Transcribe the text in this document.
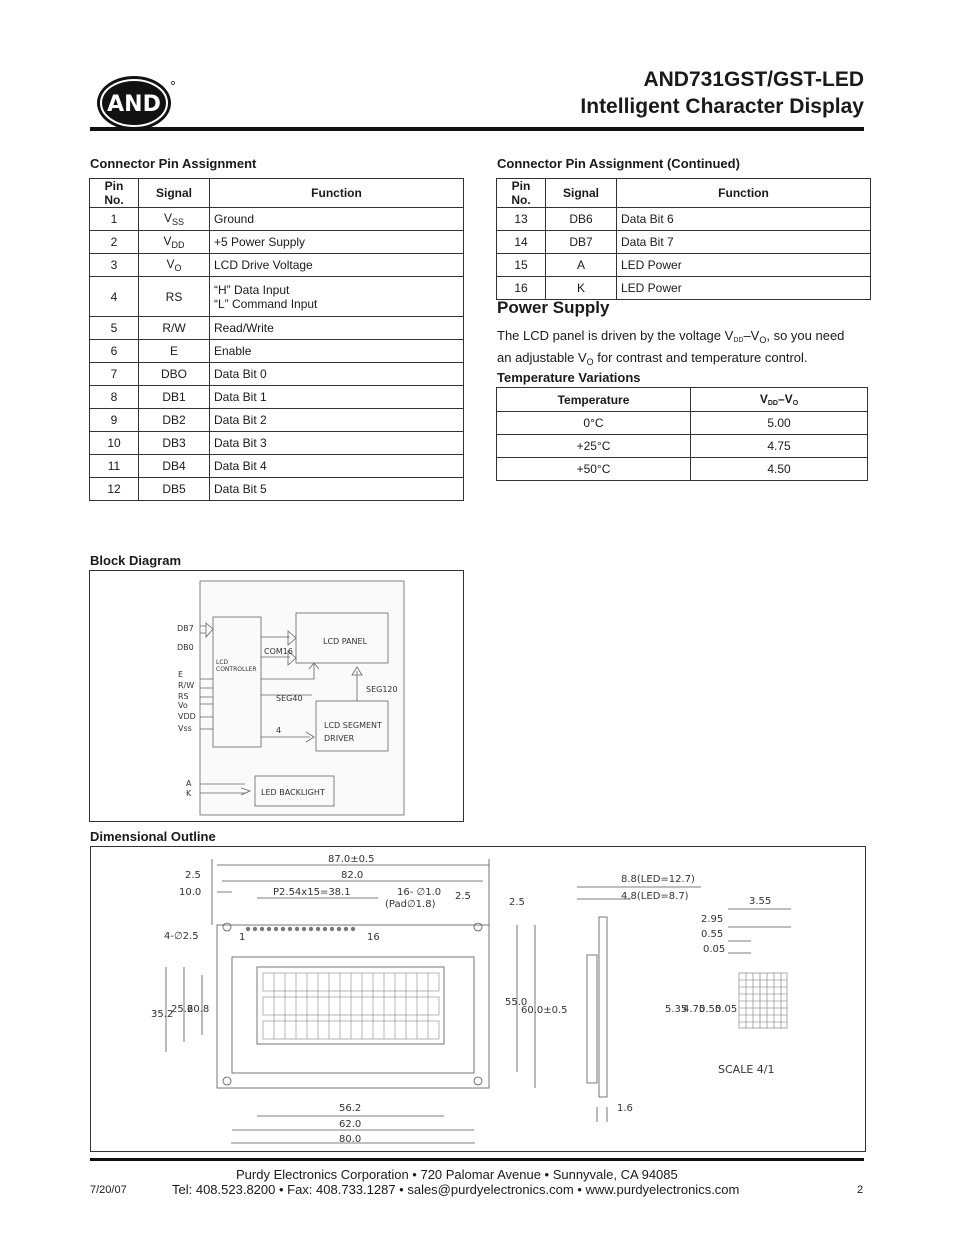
AND
AND731GST/GST-LED
Intelligent Character Display
Connector Pin Assignment
Pin No.	Signal	Function
1	$V_{SS}$	Ground
2	$V_{DD}$	+5 Power Supply
3	$V_O$	LCD Drive Voltage
4	RS	“H” Data Input
“L” Command Input
5	R/W	Read/Write
6	E	Enable
7	DBO	Data Bit 0
8	DB1	Data Bit 1
9	DB2	Data Bit 2
10	DB3	Data Bit 3
11	DB4	Data Bit 4
12	DB5	Data Bit 5
Connector Pin Assignment (Continued)
Pin No.	Signal	Function
13	DB6	Data Bit 6
14	DB7	Data Bit 7
15	A	LED Power
16	K	LED Power
Power Supply
The LCD panel is driven by the voltage VDD–$V_O$, so you need
an adjustable $V_O$ for contrast and temperature control.
Temperature Variations
Temperature	VDD–VO
0°C	5.00
+25°C	4.75
+50°C	4.50
Block Diagram
DB7
DB0
E
R/W
RS
Vo
VDD
Vss
A
K
LCD
CONTROLLER
COM16
LCD PANEL
SEG40
SEG120
4
LCD SEGMENT
DRIVER
LED BACKLIGHT
Dimensional Outline
87.0±0.5
82.0
2.5
10.0	P2.54x15=38.1	16- ∅1.0
(Pad∅1.8)
2.5
2.5
4-∅2.5	1	16
35.2
25.6
20.8
55.0
60.0±0.5
56.2
62.0
80.0
8.8(LED=12.7)
4.8(LED=8.7)
1.6
3.55
2.95
0.55
0.05
5.35
4.75
0.55
0.05
SCALE 4/1
Purdy Electronics Corporation • 720 Palomar Avenue • Sunnyvale, CA 94085
7/20/07	Tel: 408.523.8200 • Fax: 408.733.1287 • sales@purdyelectronics.com • www.purdyelectronics.com	2
